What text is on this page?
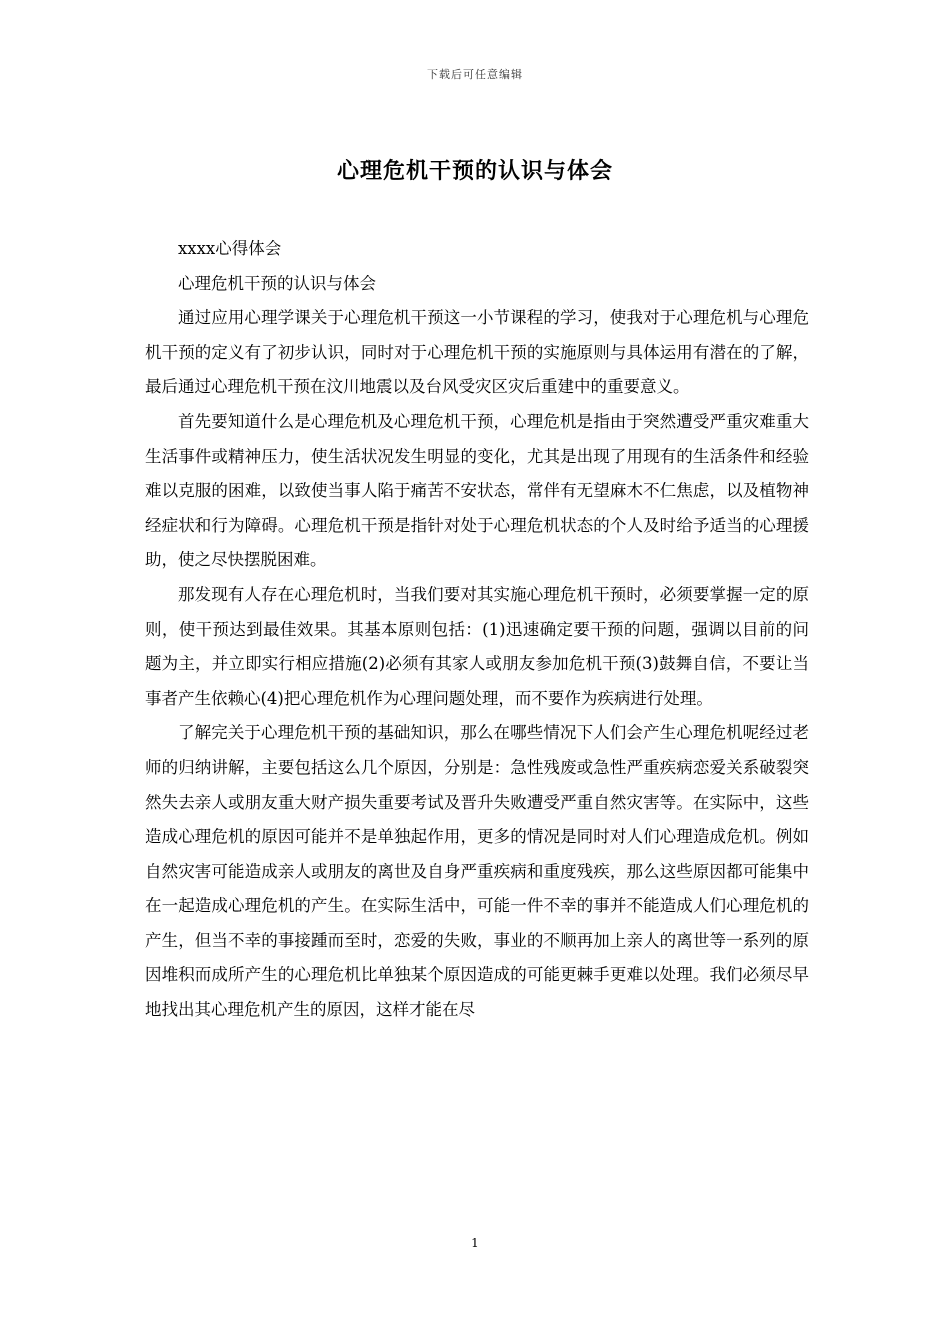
下载后可任意编辑
心理危机干预的认识与体会

xxxx心得体会

心理危机干预的认识与体会

通过应用心理学课关于心理危机干预这一小节课程的学习，使我对于心理危机与心理危机干预的定义有了初步认识，同时对于心理危机干预的实施原则与具体运用有潜在的了解，最后通过心理危机干预在汶川地震以及台风受灾区灾后重建中的重要意义。

首先要知道什么是心理危机及心理危机干预，心理危机是指由于突然遭受严重灾难重大生活事件或精神压力，使生活状况发生明显的变化，尤其是出现了用现有的生活条件和经验难以克服的困难，以致使当事人陷于痛苦不安状态，常伴有无望麻木不仁焦虑，以及植物神经症状和行为障碍。心理危机干预是指针对处于心理危机状态的个人及时给予适当的心理援助，使之尽快摆脱困难。

那发现有人存在心理危机时，当我们要对其实施心理危机干预时，必须要掌握一定的原则，使干预达到最佳效果。其基本原则包括：(1)迅速确定要干预的问题，强调以目前的问题为主，并立即实行相应措施(2)必须有其家人或朋友参加危机干预(3)鼓舞自信，不要让当事者产生依赖心(4)把心理危机作为心理问题处理，而不要作为疾病进行处理。

了解完关于心理危机干预的基础知识，那么在哪些情况下人们会产生心理危机呢经过老师的归纳讲解，主要包括这么几个原因，分别是：急性残废或急性严重疾病恋爱关系破裂突然失去亲人或朋友重大财产损失重要考试及晋升失败遭受严重自然灾害等。在实际中，这些造成心理危机的原因可能并不是单独起作用，更多的情况是同时对人们心理造成危机。例如自然灾害可能造成亲人或朋友的离世及自身严重疾病和重度残疾，那么这些原因都可能集中在一起造成心理危机的产生。在实际生活中，可能一件不幸的事并不能造成人们心理危机的产生，但当不幸的事接踵而至时，恋爱的失败，事业的不顺再加上亲人的离世等一系列的原因堆积而成所产生的心理危机比单独某个原因造成的可能更棘手更难以处理。我们必须尽早地找出其心理危机产生的原因，这样才能在尽

1
